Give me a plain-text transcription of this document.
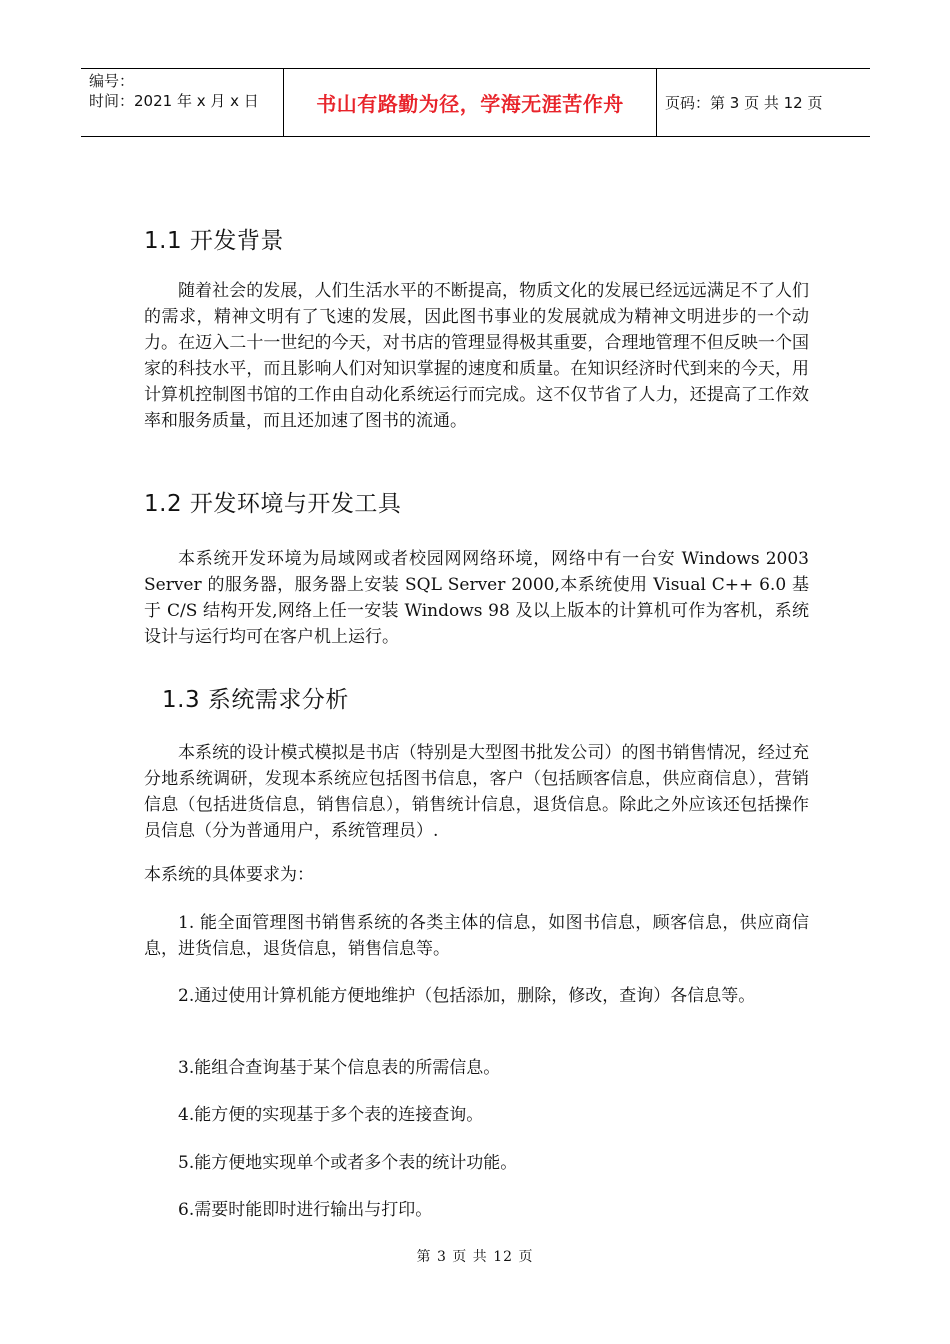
编号：
时间：2021 年 x 月 x 日	书山有路勤为径，学海无涯苦作舟	页码：第 3 页 共 12 页
1.1 开发背景

随着社会的发展，人们生活水平的不断提高，物质文化的发展已经远远满足不了人们的需求，精神文明有了飞速的发展，因此图书事业的发展就成为精神文明进步的一个动力。在迈入二十一世纪的今天，对书店的管理显得极其重要，合理地管理不但反映一个国家的科技水平，而且影响人们对知识掌握的速度和质量。在知识经济时代到来的今天，用计算机控制图书馆的工作由自动化系统运行而完成。这不仅节省了人力，还提高了工作效率和服务质量，而且还加速了图书的流通。

1.2 开发环境与开发工具

本系统开发环境为局域网或者校园网网络环境，网络中有一台安 Windows 2003 Server 的服务器，服务器上安装 SQL Server 2000,本系统使用 Visual C++ 6.0 基于 C/S 结构开发,网络上任一安装 Windows 98 及以上版本的计算机可作为客机，系统设计与运行均可在客户机上运行。

1.3 系统需求分析

本系统的设计模式模拟是书店（特别是大型图书批发公司）的图书销售情况，经过充分地系统调研，发现本系统应包括图书信息，客户（包括顾客信息，供应商信息），营销信息（包括进货信息，销售信息），销售统计信息，退货信息。除此之外应该还包括操作员信息（分为普通用户，系统管理员）.

本系统的具体要求为：

1. 能全面管理图书销售系统的各类主体的信息，如图书信息，顾客信息，供应商信息，进货信息，退货信息，销售信息等。

2.通过使用计算机能方便地维护（包括添加，删除，修改，查询）各信息等。

3.能组合查询基于某个信息表的所需信息。

4.能方便的实现基于多个表的连接查询。

5.能方便地实现单个或者多个表的统计功能。

6.需要时能即时进行输出与打印。

第 3 页 共 12 页
